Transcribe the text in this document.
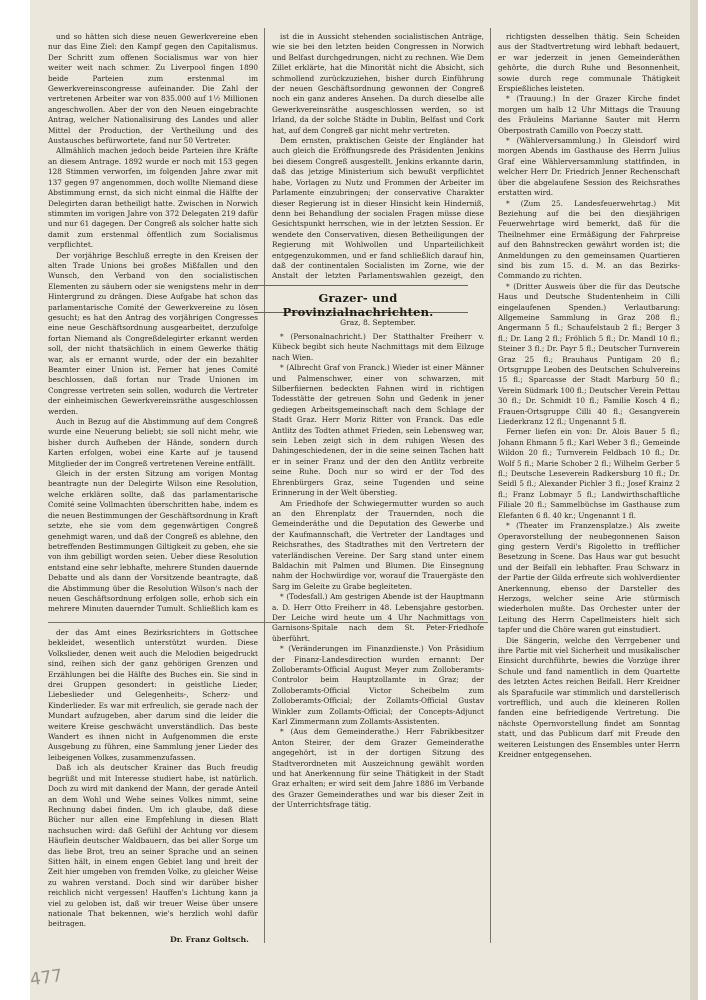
und so hätten sich diese neuen Gewerkvereine eben nur das Eine Ziel: den Kampf gegen den Capitalismus. Der Schritt zum offenen Socialismus war von hier weiter weit nach schmer. Zu Liverpool fingen 1890 beide Parteien zum erstenmal im Gewerkvereinscongresse aufeinander. Die Zahl der vertretenen Arbeiter war von 835.000 auf 1½ Millionen angeschwollen. Aber der von den Neuen eingebrachte Antrag, welcher Nationalisirung des Landes und aller Mittel der Production, der Vertheilung und des Austausches befürwortete, fand nur 50 Vertreter.

Allmählich machen jedoch beide Parteien ihre Kräfte an diesem Antrage. 1892 wurde er noch mit 153 gegen 128 Stimmen verworfen, im folgenden Jahre zwar mit 137 gegen 97 angenommen, doch wollte Niemand diese Abstimmung ernst, da sich nicht einmal die Hälfte der Delegirten daran betheiligt hatte. Zwischen in Norwich stimmten im vorigen Jahre von 372 Delegaten 219 dafür und nur 61 dagegen. Der Congreß als solcher hatte sich damit zum erstenmal öffentlich zum Socialismus verpflichtet.

Der vorjährige Beschluß erregte in den Kreisen der alten Trade Unions bei großes Mißfallen und den Wunsch, den Verband von den socialistischen Elementen zu säubern oder sie wenigstens mehr in den Hintergrund zu drängen. Diese Aufgabe hat schon das parlamentarische Comité der Gewerkvereine zu lösen gesucht; es hat den Antrag des vorjährigen Congresses eine neue Geschäftsordnung ausgearbeitet, derzufolge fortan Niemand als Congreßdelegirter erkannt werden soll, der nicht thatsächlich in einem Gewerke thätig war, als er ernannt wurde, oder der ein bezahlter Beamter einer Union ist. Ferner hat jenes Comité beschlossen, daß fortan nur Trade Unionen im Congresse vertreten sein sollen, wodurch die Vertreter der einheimischen Gewerkvereinsräthe ausgeschlossen werden.

Auch in Bezug auf die Abstimmung auf dem Congreß wurde eine Neuerung beliebt; sie soll nicht mehr, wie bisher durch Aufheben der Hände, sondern durch Karten erfolgen, wobei eine Karte auf je tausend Mitglieder der im Congreß vertretenen Vereine entfällt.

Gleich in der ersten Sitzung am vorigen Montag beantragte nun der Delegirte Wilson eine Resolution, welche erklären sollte, daß das parlamentarische Comité seine Vollmachten überschritten habe, indem es die neuen Bestimmungen der Geschäftsordnung in Kraft setzte, ehe sie vom dem gegenwärtigen Congreß genehmigt waren, und daß der Congreß es ablehne, den betreffenden Bestimmungen Giltigkeit zu geben, ehe sie von ihm gebilligt worden seien. Ueber diese Resolution entstand eine sehr lebhafte, mehrere Stunden dauernde Debatte und als dann der Vorsitzende beantragte, daß die Abstimmung über die Resolution Wilson's nach der neuen Geschäftsordnung erfolgen solle, erhob sich ein mehrere Minuten dauernder Tumult. Schließlich kam es

der das Amt eines Bezirksrichters in Gottschee bekleidet, wesentlich unterstützt wurden. Diese Volkslieder, denen weit auch die Melodien beigedruckt sind, reihen sich der ganz gehörigen Grenzen und Erzählungen bei die Hälfte des Buches ein. Sie sind in drei Gruppen gesondert: in geistliche Lieder, Liebeslieder und Gelegenheits-, Scherz- und Kinderlieder. Es war mit erfreulich, sie gerade nach der Mundart aufzugeben, aber darum sind die leider die weitere Kreise geschwächt unverständlich. Das beste Wandert es ihnen nicht in Aufgenommen die erste Ausgebung zu führen, eine Sammlung jener Lieder des leibeigenen Volkes, zusammenzufassen.

Daß ich als deutscher Krainer das Buch freudig begrüßt und mit Interesse studiert habe, ist natürlich. Doch zu wird mit dankend der Mann, der gerade Anteil an dem Wohl und Wehe seines Volkes nimmt, seine Rechnung dabei finden. Um ich glaube, daß diese Bücher nur allen eine Empfehlung in diesen Blatt nachsuchen wird: daß Gefühl der Achtung vor diesem Häuflein deutscher Waldbauern, das bei aller Sorge um das liebe Brot, treu an seiner Sprache und an seinen Sitten hält, in einem engen Gebiet lang und breit der Zeit hier umgeben von fremden Volke, zu gleicher Weise zu wahren verstand. Doch sind wir darüber bisher reichlich nicht vergessen! Hauffen's Lichtung kann ja viel zu geloben ist, daß wir treuer Weise über unsere nationale That bekennen, wie's herzlich wohl dafür beitragen.

Dr. Franz Goltsch.

ist die in Aussicht stehenden socialistischen Anträge, wie sie bei den letzten beiden Congressen in Norwich und Belfast durchgedrungen, nicht zu rechnen. Wie Dem Zillet erklärte, hat die Minorität nicht die Absicht, sich schmollend zurückzuziehen, bisher durch Einführung der neuen Geschäftsordnung gewonnen der Congreß noch ein ganz anderes Ansehen. Da durch dieselbe alle Gewerkvereinsräthe ausgeschlossen werden, so ist Irland, da der solche Städte in Dublin, Belfast und Cork hat, auf dem Congreß gar nicht mehr vertreten.

Dem ernsten, praktischen Geiste der Engländer hat auch gleich die Eröffnungsrede des Präsidenten Jenkins bei diesem Congreß ausgestellt. Jenkins erkannte darin, daß das jetzige Ministerium sich bewußt verpflichtet habe, Vorlagen zu Nutz und Frommen der Arbeiter im Parlamente einzubringen; der conservative Charakter dieser Regierung ist in dieser Hinsicht kein Hinderniß, denn bei Behandlung der socialen Fragen müsse diese Gesichtspunkt herrschen, wie in der letzten Session. Er wendete den Conservativen, diesen Betheiligungen der Regierung mit Wohlwollen und Unparteilichkeit entgegenzukommen, und er fand schließlich darauf hin, daß der continentalen Socialisten im Zorne, wie der Anstalt der letzten Parlamentswahlen gezeigt, den

Grazer- und Provinzialnachrichten.
Graz, 8. September.

* (Personalnachricht.) Der Statthalter Freiherr v. Kübeck begibt sich heute Nachmittags mit dem Eilzuge nach Wien.

* (Albrecht Graf von Franck.) Wieder ist einer Männer und Palmenschwer, einer von schwarzen, mit Silberfiiernen bedeckten Fahnen wird in richtigen Todesstätte der getreuen Sohn und Gedenk in jener gediegen Arbeitsgemeinschaft nach dem Schlage der Stadt Graz. Herr Moriz Ritter von Franck. Das edle Antlitz des Todten athmet Frieden, sein Lebensweg war, sein Leben zeigt sich in dem ruhigen Wesen des Dahingeschiedenen, der in die seine seinen Tachen hatt er in seiner Franz und der den den Antlitz verbreite seine Ruhe. Doch nur so wird er der Tod des Ehrenbürgers Graz, seine Tugenden und seine Erinnerung in der Welt überstieg.

Am Friedhofe der Schwiegermutter wurden so auch an den Ehrenplatz der Trauernden, noch die Gemeinderäthe und die Deputation des Gewerbe und der Kaufmannschaft, die Vertreter der Landtages und Reichsrathes, des Stadtrathes mit den Vertretern der vaterländischen Vereine. Der Sarg stand unter einem Baldachin mit Palmen und Blumen. Die Einsegnung nahm der Hochwürdige vor, worauf die Trauergäste den Sarg im Geleite zu Grabe begleiteten.

* (Todesfall.) Am gestrigen Abende ist der Hauptmann a. D. Herr Otto Freiherr in 48. Lebensjahre gestorben. Der Leiche wird heute um 4 Uhr Nachmittags von Garnisons-Spitale nach dem St. Peter-Friedhofe überführt.

* (Veränderungen im Finanzdienste.) Von Präsidium der Finanz-Landesdirection wurden ernannt: Der Zolloberamts-Official August Meyer zum Zolloberamts-Controlor beim Hauptzollamte in Graz; der Zolloberamts-Official Victor Scheibelm zum Zolloberamts-Official; der Zollamts-Official Gustav Winkler zum Zollamts-Official; der Concepts-Adjunct Karl Zimmermann zum Zollamts-Assistenten.

* (Aus dem Gemeinderathe.) Herr Fabrikbesitzer Anton Steirer, der dem Grazer Gemeinderathe angegehört, ist in der dortigen Sitzung des Stadtverordneten mit Auszeichnung gewählt worden und hat Anerkennung für seine Thätigkeit in der Stadt Graz erhalten; er wird seit dem Jahre 1886 im Verbande des Grazer Gemeinderathes und war bis dieser Zeit in der Unterrichtsfrage tätig.

richtigsten desselben thätig. Sein Scheiden aus der Stadtvertretung wird lebhaft bedauert, er war jederzeit in jenen Gemeinderäthen gehörte, die durch Ruhe und Besonnenheit, sowie durch rege communale Thätigkeit Erspießliches leisteten.

* (Trauung.) In der Grazer Kirche findet morgen um halb 12 Uhr Mittags die Trauung des Fräuleins Marianne Sauter mit Herrn Oberpostrath Camillo von Poeczy statt.

* (Wählerversammlung.) In Gleisdorf wird morgen Abends im Gasthause des Herrn Julius Graf eine Wählerversammlung stattfinden, in welcher Herr Dr. Friedrich Jenner Rechenschaft über die abgelaufene Session des Reichsrathes erstatten wird.

* (Zum 25. Landesfeuerwehrtag.) Mit Beziehung auf die bei den diesjährigen Feuerwehrtage wird bemerkt, daß für die Theilnehmer eine Ermäßigung der Fahrpreise auf den Bahnstrecken gewährt worden ist; die Anmeldungen zu den gemeinsamen Quartieren sind bis zum 15. d. M. an das Bezirks-Commando zu richten.

* (Dritter Ausweis über die für das Deutsche Haus und Deutsche Studentenheim in Cilli eingelaufenen Spenden.) Verlautbarung: Allgemeine Sammlung in Graz 208 fl.; Angermann 5 fl.; Schaufelstaub 2 fl.; Berger 3 fl.; Dr. Lang 2 fl.; Fröhlich 5 fl.; Dr. Mandl 10 fl.; Steiner 3 fl.; Dr. Payr 5 fl.; Deutscher Turnverein Graz 25 fl.; Brauhaus Puntigam 20 fl.; Ortsgruppe Leoben des Deutschen Schulvereins 15 fl.; Sparcasse der Stadt Marburg 50 fl.; Verein Südmark 100 fl.; Deutscher Verein Pettau 30 fl.; Dr. Schmidt 10 fl.; Familie Kosch 4 fl.; Frauen-Ortsgruppe Cilli 40 fl.; Gesangverein Liederkranz 12 fl.; Ungenannt 5 fl.

Ferner liefen ein von: Dr. Alois Bauer 5 fl.; Johann Ehmann 5 fl.; Karl Weber 3 fl.; Gemeinde Wildon 20 fl.; Turnverein Feldbach 10 fl.; Dr. Wolf 5 fl.; Marie Schober 2 fl.; Wilhelm Gerber 5 fl.; Deutsche Leseverein Radkersburg 10 fl.; Dr. Seidl 5 fl.; Alexander Pichler 3 fl.; Josef Krainz 2 fl.; Franz Lobmayr 5 fl.; Landwirthschaftliche Filiale 20 fl.; Sammelbüchse im Gasthause zum Elefanten 6 fl. 40 kr.; Ungenannt 1 fl.

* (Theater im Franzensplatze.) Als zweite Operavorstellung der neubegonnenen Saison ging gestern Verdi's Rigoletto in trefflicher Besetzung in Scene. Das Haus war gut besucht und der Beifall ein lebhafter. Frau Schwarz in der Partie der Gilda erfreute sich wohlverdienter Anerkennung, ebenso der Darsteller des Herzogs, welcher seine Arie stürmisch wiederholen mußte. Das Orchester unter der Leitung des Herrn Capellmeisters hielt sich tapfer und die Chöre waren gut einstudiert.

Die Sängerin, welche den Verrgebener und ihre Partie mit viel Sicherheit und musikalischer Einsicht durchführte, bewies die Vorzüge ihrer Schule und fand namentlich in dem Quartette des letzten Actes reichen Beifall. Herr Kreidner als Sparafucile war stimmlich und darstellerisch vortrefflich, und auch die kleineren Rollen fanden eine befriedigende Vertretung. Die nächste Opernvorstellung findet am Sonntag statt, und das Publicum darf mit Freude den weiteren Leistungen des Ensembles unter Herrn Kreidner entgegensehen.

477
